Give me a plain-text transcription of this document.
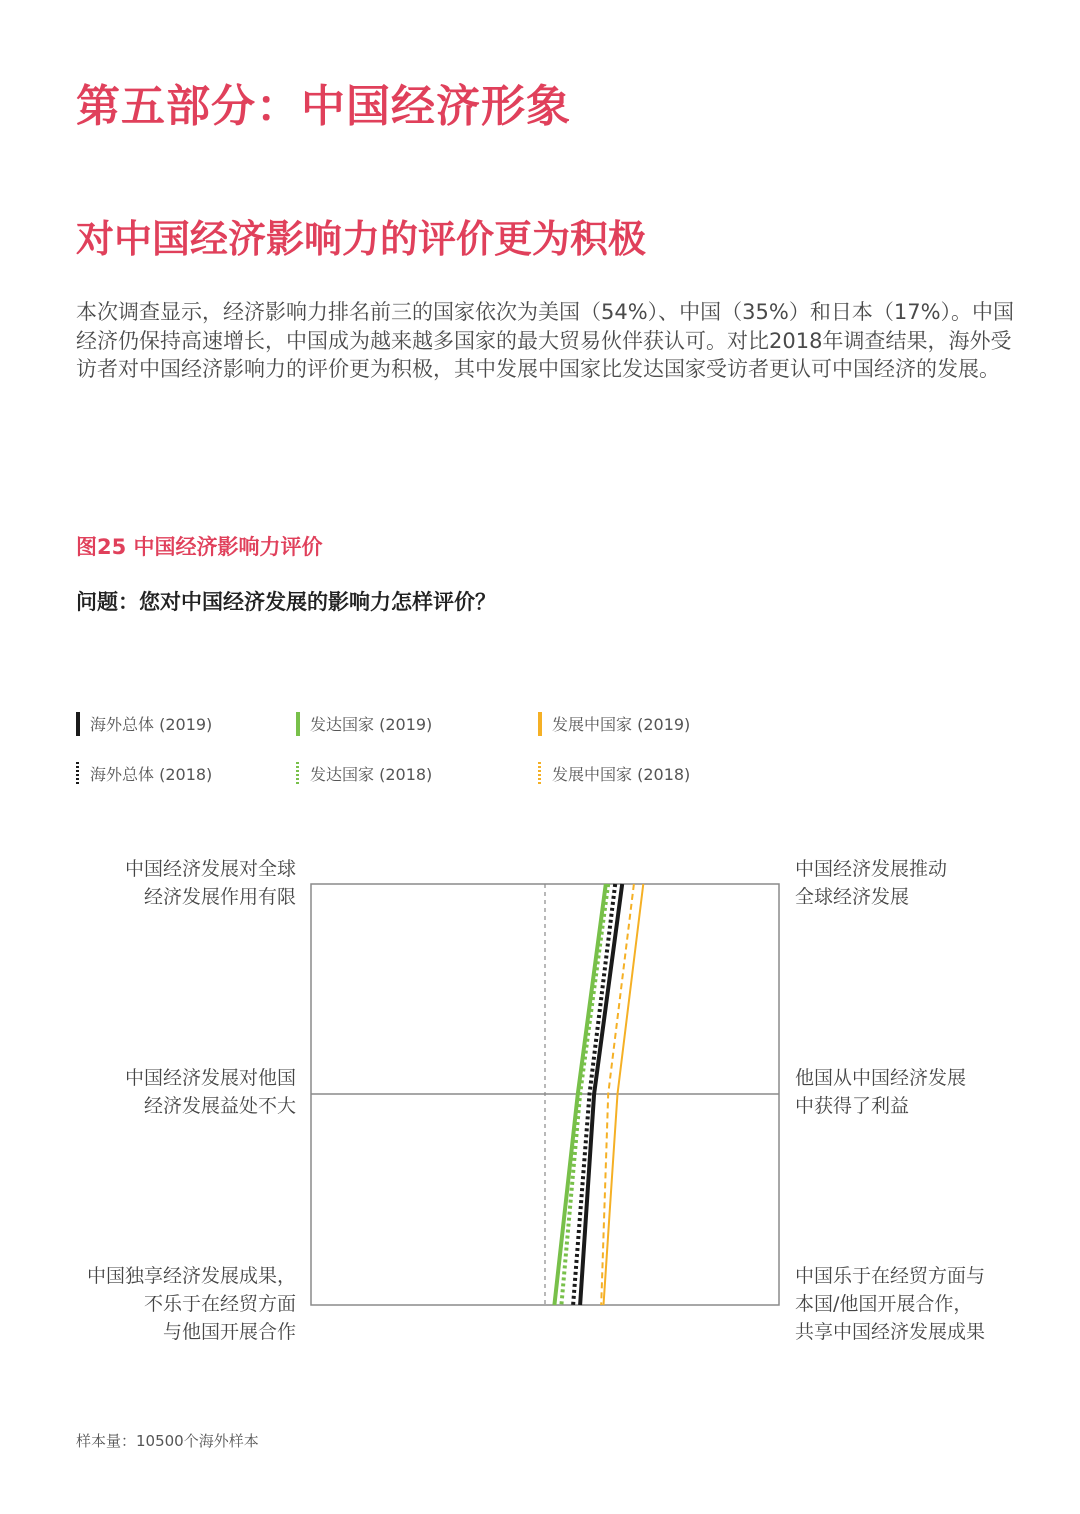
第五部分：中国经济形象
对中国经济影响力的评价更为积极
本次调查显示，经济影响力排名前三的国家依次为美国（54%）、中国（35%）和日本（17%）。中国经济仍保持高速增长，中国成为越来越多国家的最大贸易伙伴获认可。对比2018年调查结果，海外受访者对中国经济影响力的评价更为积极，其中发展中国家比发达国家受访者更认可中国经济的发展。
图25 中国经济影响力评价
问题：您对中国经济发展的影响力怎样评价？
海外总体 (2019)	发达国家 (2019)	发展中国家 (2019)
海外总体 (2018)	发达国家 (2018)	发展中国家 (2018)
中国经济发展对全球
经济发展作用有限
中国经济发展对他国
经济发展益处不大
中国独享经济发展成果，
不乐于在经贸方面
与他国开展合作
中国经济发展推动
全球经济发展
他国从中国经济发展
中获得了利益
中国乐于在经贸方面与
本国/他国开展合作，
共享中国经济发展成果
样本量：10500个海外样本
